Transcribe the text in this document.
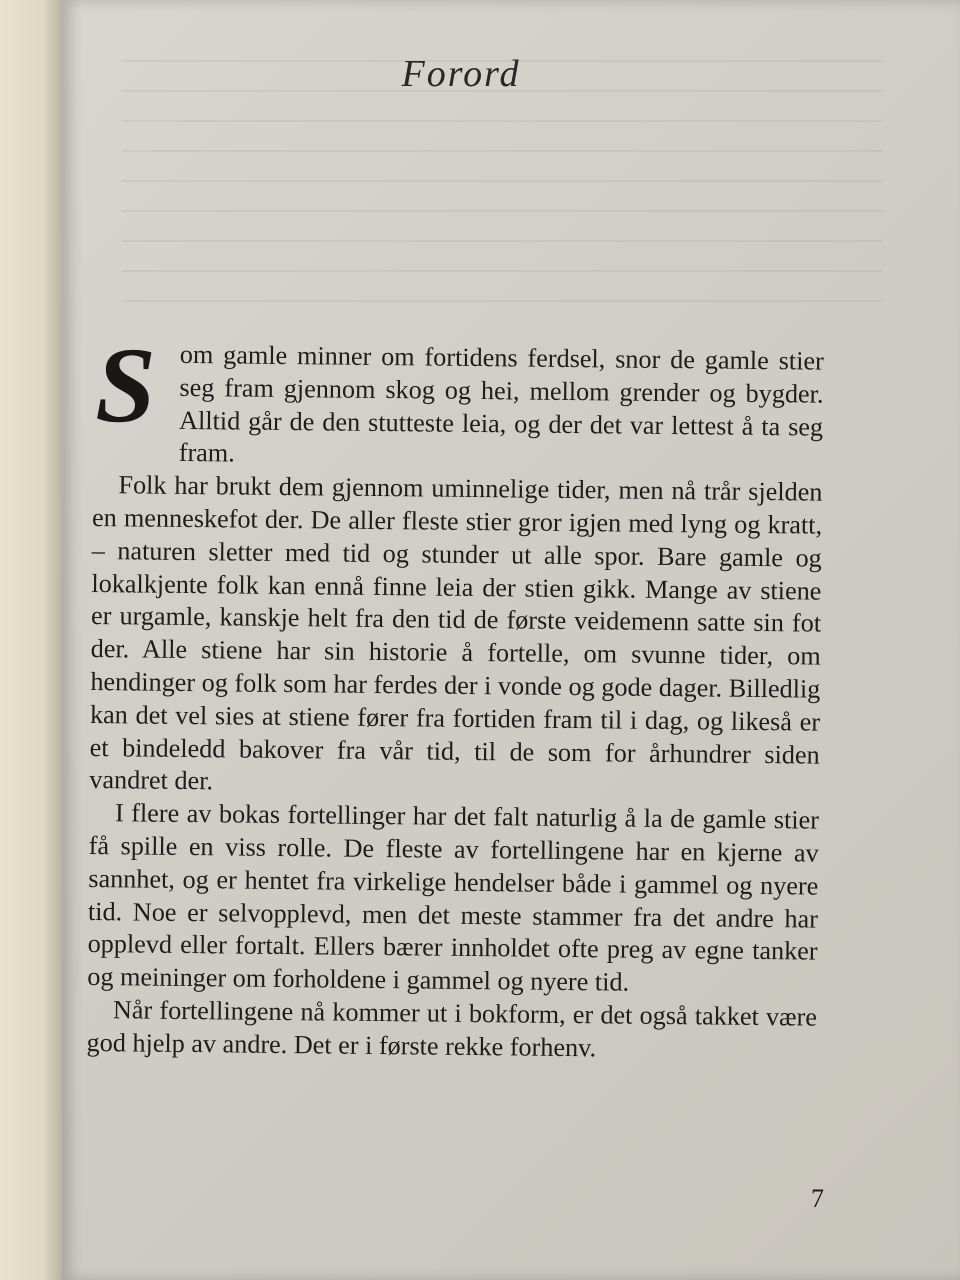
Forord

S om gamle minner om fortidens ferdsel, snor de gamle stier seg fram gjennom skog og hei, mellom grender og bygder. Alltid går de den stutteste leia, og der det var lettest å ta seg fram.

Folk har brukt dem gjennom uminnelige tider, men nå trår sjelden en menneskefot der. De aller fleste stier gror igjen med lyng og kratt, – naturen sletter med tid og stunder ut alle spor. Bare gamle og lokalkjente folk kan ennå finne leia der stien gikk. Mange av stiene er urgamle, kanskje helt fra den tid de første veidemenn satte sin fot der. Alle stiene har sin historie å fortelle, om svunne tider, om hendinger og folk som har ferdes der i vonde og gode dager. Billedlig kan det vel sies at stiene fører fra fortiden fram til i dag, og likeså er et bindeledd bakover fra vår tid, til de som for århundrer siden vandret der.

I flere av bokas fortellinger har det falt naturlig å la de gamle stier få spille en viss rolle. De fleste av fortellingene har en kjerne av sannhet, og er hentet fra virkelige hendelser både i gammel og nyere tid. Noe er selvopplevd, men det meste stammer fra det andre har opplevd eller fortalt. Ellers bærer innholdet ofte preg av egne tanker og meininger om forholdene i gammel og nyere tid.

Når fortellingene nå kommer ut i bokform, er det også takket være god hjelp av andre. Det er i første rekke forhenv.

7
